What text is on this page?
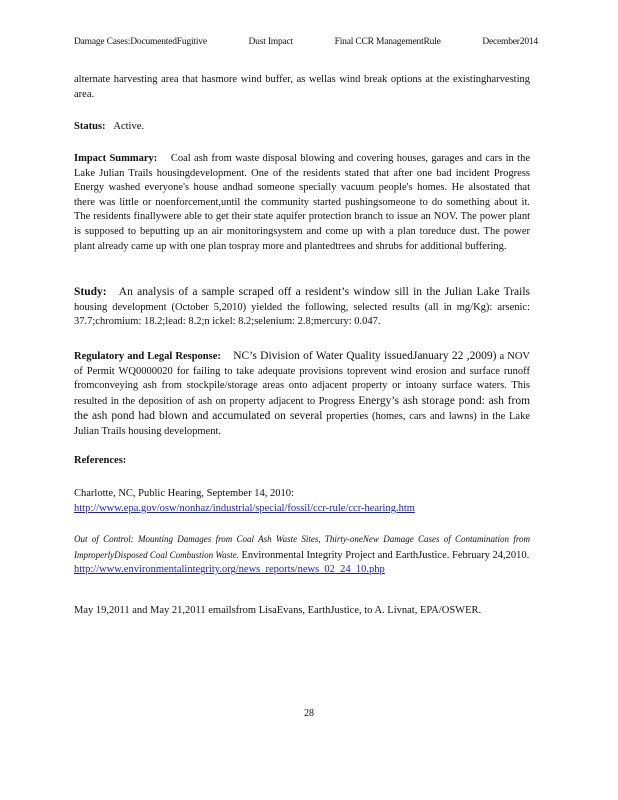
Damage Cases:DocumentedFugitive	Dust Impact	Final CCR ManagementRule	December2014
alternate harvesting area that hasmore wind buffer, as wellas wind break options at the existingharvesting area.
Status: Active.
Impact Summary: Coal ash from waste disposal blowing and covering houses, garages and cars in the Lake Julian Trails housingdevelopment. One of the residents stated that after one bad incident Progress Energy washed everyone's house andhad someone specially vacuum people's homes. He alsostated that there was little or noenforcement,until the community started pushingsomeone to do something about it. The residents finallywere able to get their state aquifer protection branch to issue an NOV. The power plant is supposed to beputting up an air monitoringsystem and come up with a plan toreduce dust. The power plant already came up with one plan tospray more and plantedtrees and shrubs for additional buffering.
Study: An analysis of a sample scraped off a resident’s window sill in the Julian Lake Trails housing development (October 5,2010) yielded the following, selected results (all in mg/Kg): arsenic: 37.7;chromium: 18.2;lead: 8.2;n ickel: 8.2;selenium: 2.8;mercury: 0.047.
Regulatory and Legal Response: NC’s Division of Water Quality issuedJanuary 22 ,2009) a NOV of Permit WQ0000020 for failing to take adequate provisions toprevent wind erosion and surface runoff fromconveying ash from stockpile/storage areas onto adjacent property or intoany surface waters. This resulted in the deposition of ash on property adjacent to Progress Energy’s ash storage pond: ash from the ash pond had blown and accumulated on several properties (homes, cars and lawns) in the Lake Julian Trails housing development.
References:
Charlotte, NC, Public Hearing, September 14, 2010:
http://www.epa.gov/osw/nonhaz/industrial/special/fossil/ccr-rule/ccr-hearing.htm
Out of Control: Mounting Damages from Coal Ash Waste Sites, Thirty-oneNew Damage Cases of Contamination from ImproperlyDisposed Coal Combustion Waste. Environmental Integrity Project and EarthJustice. February 24,2010.
http://www.environmentalintegrity.org/news_reports/news_02_24_10.php
May 19,2011 and May 21,2011 emailsfrom LisaEvans, EarthJustice, to A. Livnat, EPA/OSWER.
28
